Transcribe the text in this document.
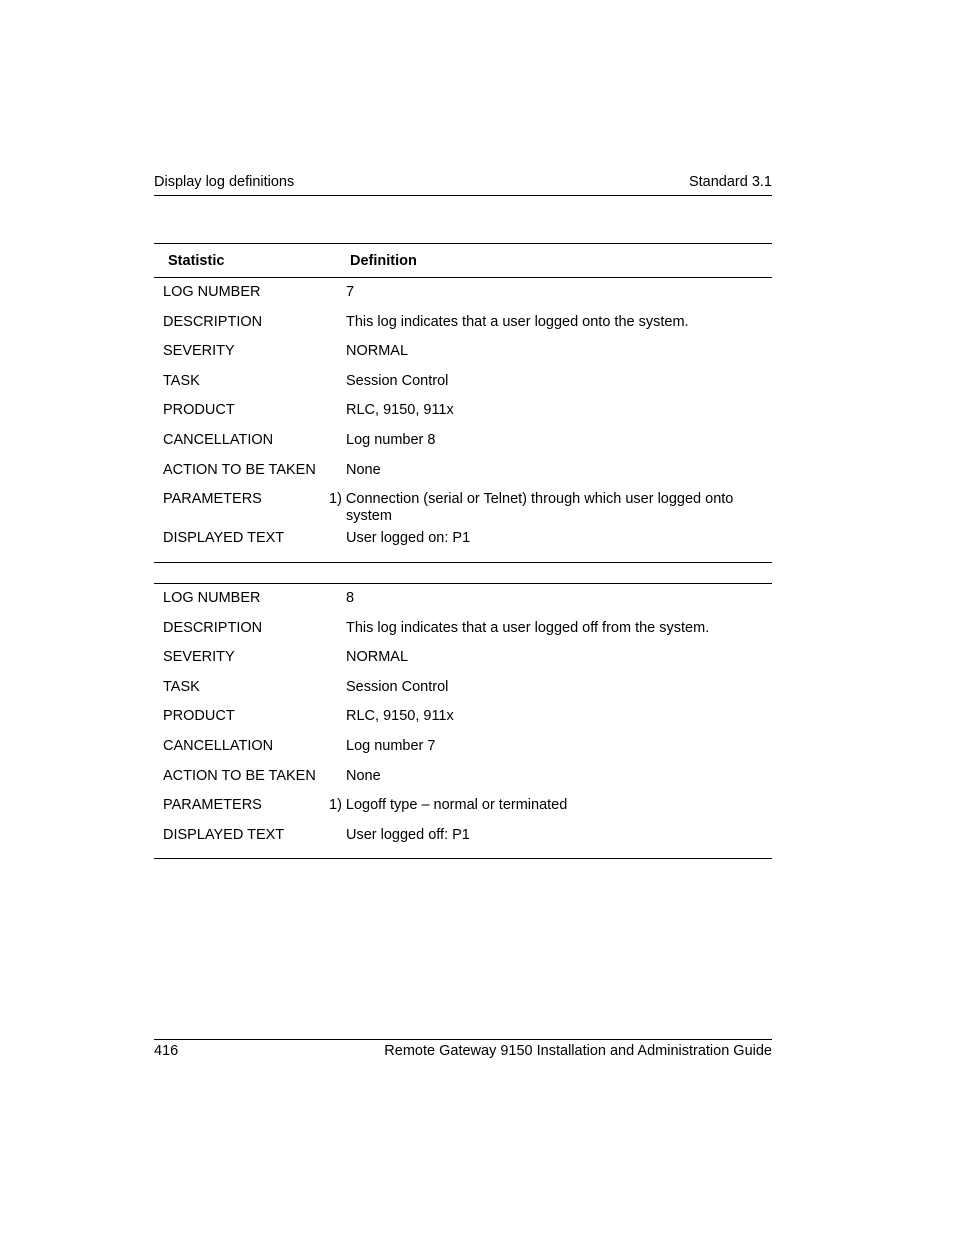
Display log definitions	Standard 3.1
Statistic	Definition
LOG NUMBER	7
DESCRIPTION	This log indicates that a user logged onto the system.
SEVERITY	NORMAL
TASK	Session Control
PRODUCT	RLC, 9150, 911x
CANCELLATION	Log number 8
ACTION TO BE TAKEN	None
PARAMETERS	1) Connection (serial or Telnet) through which user logged onto system
DISPLAYED TEXT	User logged on: P1
LOG NUMBER	8
DESCRIPTION	This log indicates that a user logged off from the system.
SEVERITY	NORMAL
TASK	Session Control
PRODUCT	RLC, 9150, 911x
CANCELLATION	Log number 7
ACTION TO BE TAKEN	None
PARAMETERS	1) Logoff type – normal or terminated
DISPLAYED TEXT	User logged off: P1
416	Remote Gateway 9150 Installation and Administration Guide
